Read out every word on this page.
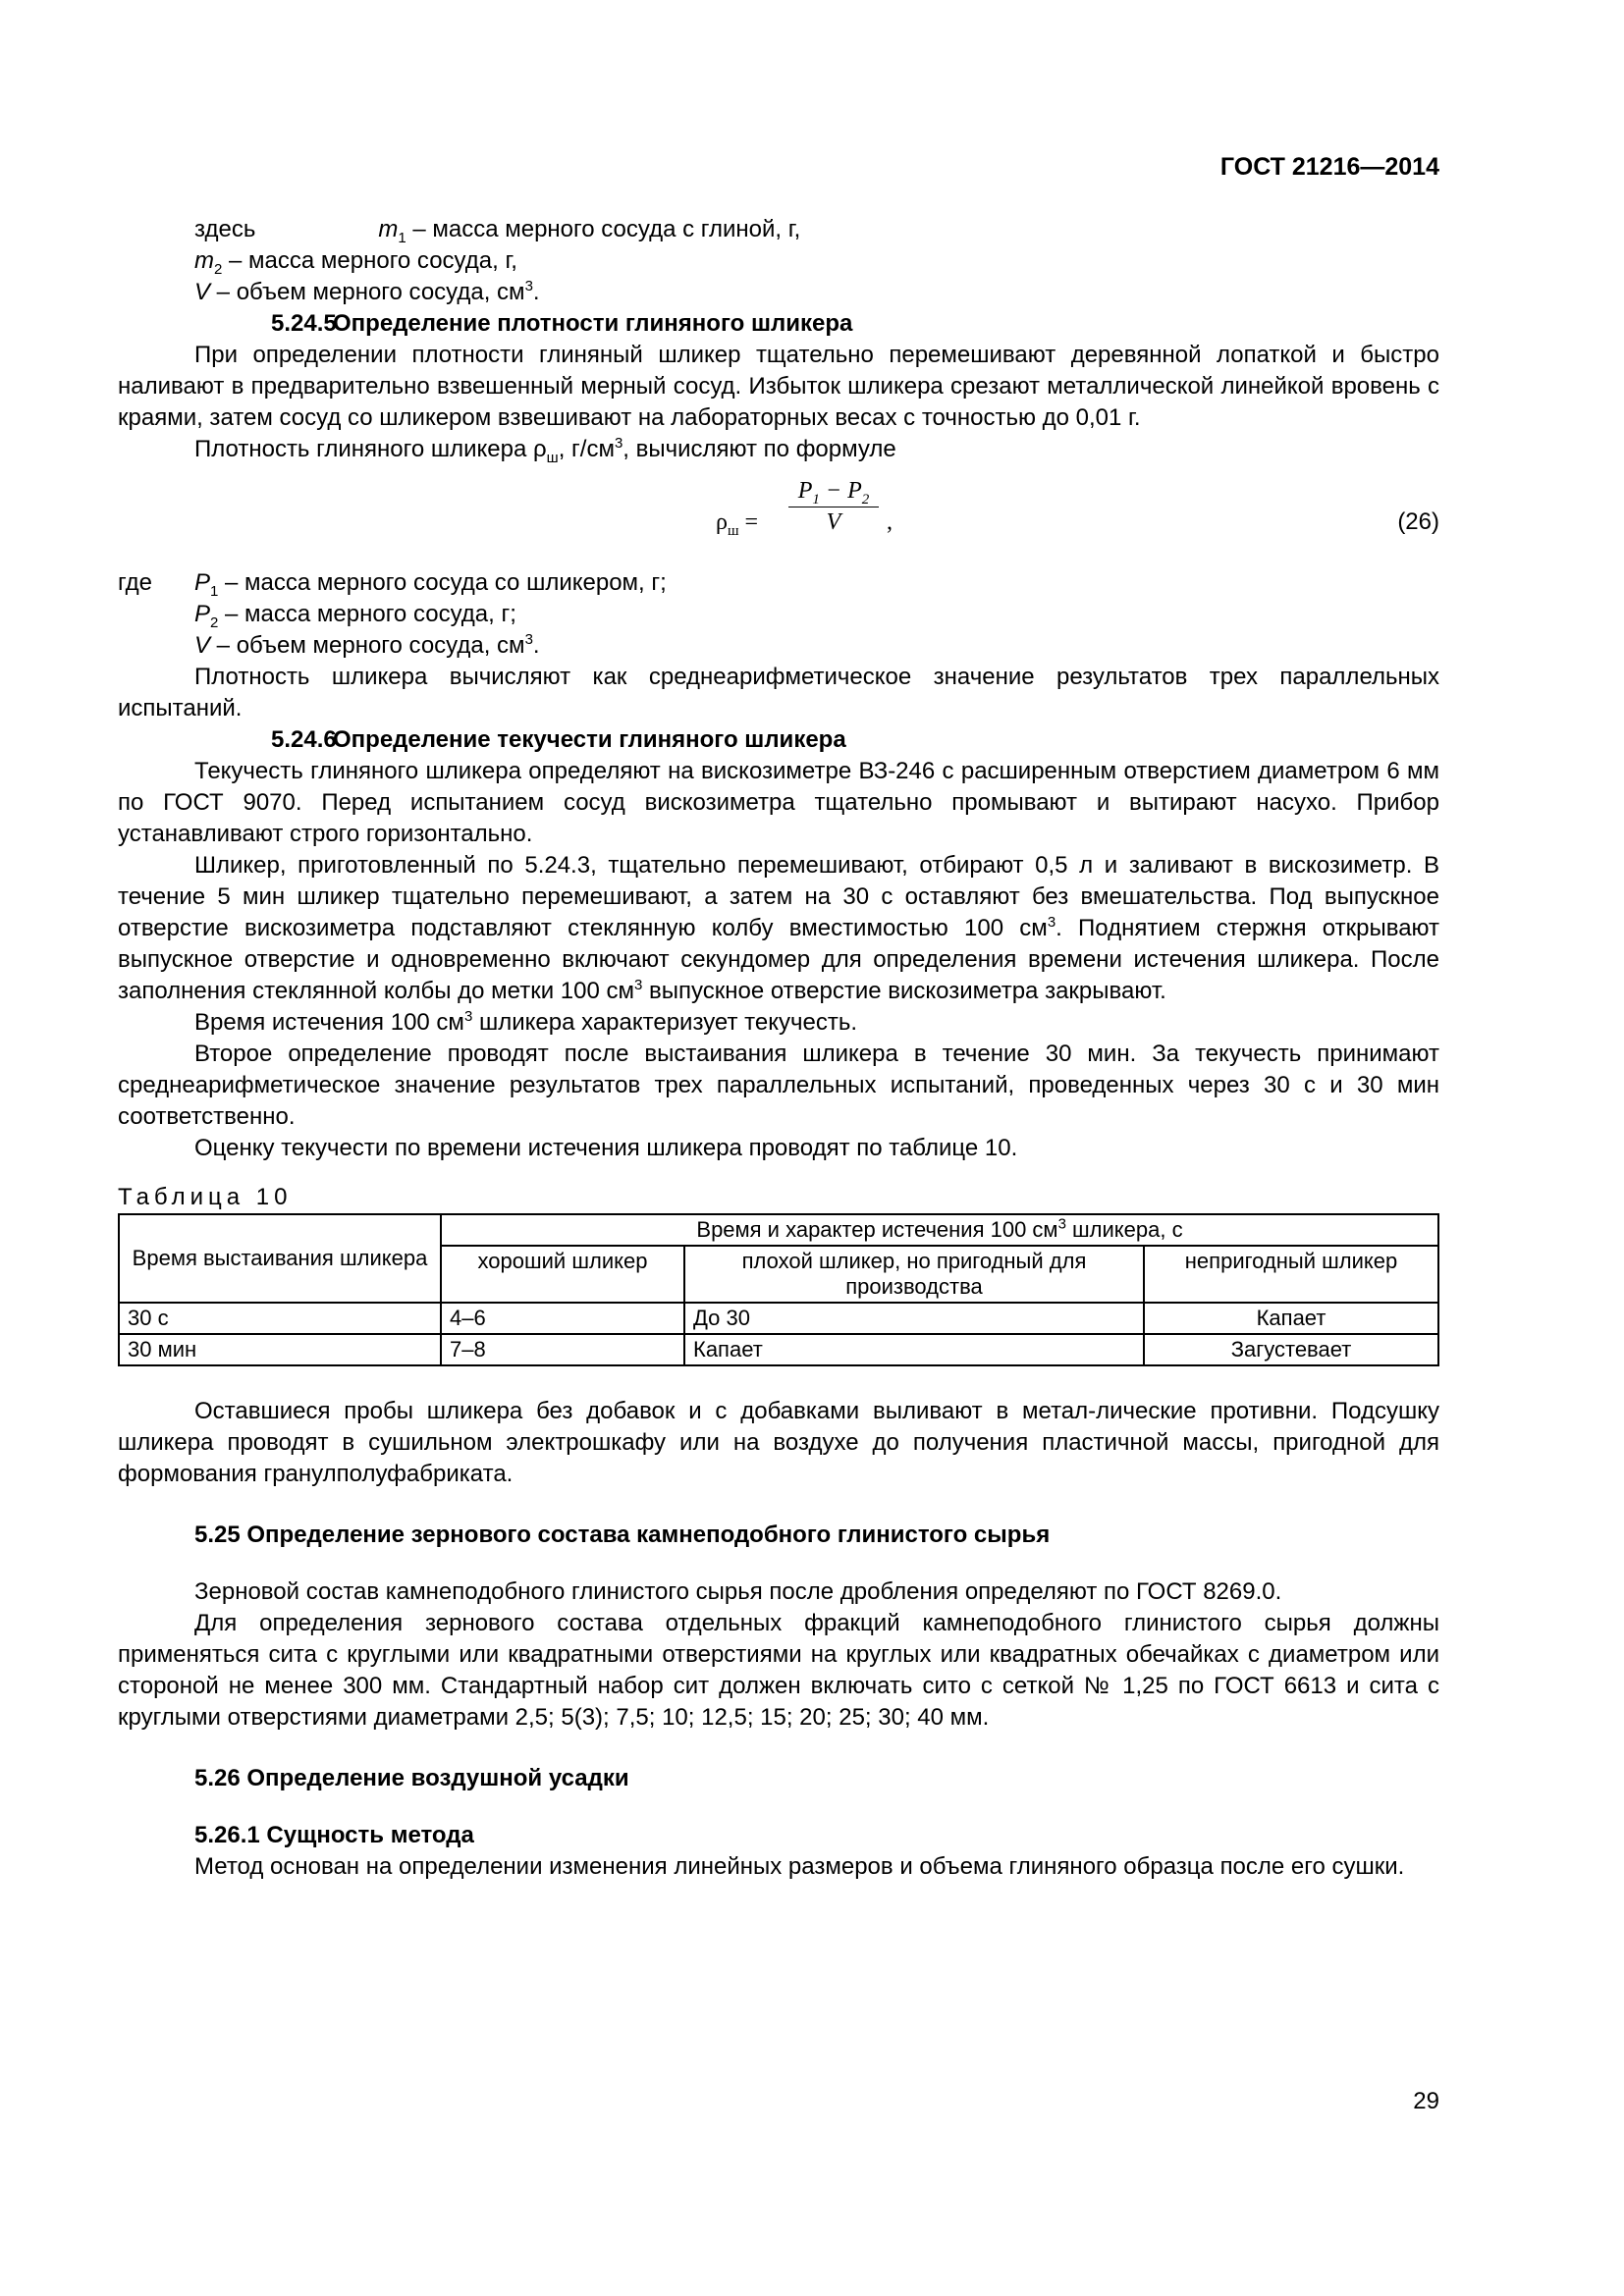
ГОСТ 21216—2014

здесь	$m_1$ – масса мерного сосуда с глиной, г,

$m_2$ – масса мерного сосуда, г,

V – объем мерного сосуда, $см^3$.

5.24.5Определение плотности глиняного шликера

При определении плотности глиняный шликер тщательно перемешивают деревянной лопаткой и быстро наливают в предварительно взвешенный мерный сосуд. Избыток шликера срезают металлической линейкой вровень с краями, затем сосуд со шликером взвешивают на лабораторных весах с точностью до 0,01 г.

Плотность глиняного шликера $\rho_ш$, $г/см^3$, вычисляют по формуле

$\rho_ш = \frac{P_1 - P_2}{V}$ ,	(26)

где $P_1$ – масса мерного сосуда со шликером, г;

$P_2$ – масса мерного сосуда, г;

V – объем мерного сосуда, $см^3$.

Плотность шликера вычисляют как среднеарифметическое значение результатов трех параллельных испытаний.

5.24.6Определение текучести глиняного шликера

Текучесть глиняного шликера определяют на вискозиметре ВЗ-246 с расширенным отверстием диаметром 6 мм по ГОСТ 9070. Перед испытанием сосуд вискозиметра тщательно промывают и вытирают насухо. Прибор устанавливают строго горизонтально.

Шликер, приготовленный по 5.24.3, тщательно перемешивают, отбирают 0,5 л и заливают в вискозиметр. В течение 5 мин шликер тщательно перемешивают, а затем на 30 с оставляют без вмешательства. Под выпускное отверстие вискозиметра подставляют стеклянную колбу вместимостью 100 $см^3$. Поднятием стержня открывают выпускное отверстие и одновременно включают секундомер для определения времени истечения шликера. После заполнения стеклянной колбы до метки 100 $см^3$ выпускное отверстие вискозиметра закрывают.

Время истечения 100 $см^3$ шликера характеризует текучесть.

Второе определение проводят после выстаивания шликера в течение 30 мин. За текучесть принимают среднеарифметическое значение результатов трех параллельных испытаний, проведенных через 30 с и 30 мин соответственно.

Оценку текучести по времени истечения шликера проводят по таблице 10.

Таблица 10

Время выстаивания шликера	Время и характер истечения 100 $см^3$ шликера, с		
	хороший шликер	плохой шликер, но пригодный для производства	непригодный шликер
30 с	4–6	До 30	Капает
30 мин	7–8	Капает	Загустевает

Оставшиеся пробы шликера без добавок и с добавками выливают в метал-лические противни. Подсушку шликера проводят в сушильном электрошкафу или на воздухе до получения пластичной массы, пригодной для формования гранулполуфабриката.

5.25 Определение зернового состава камнеподобного глинистого сырья

Зерновой состав камнеподобного глинистого сырья после дробления определяют по ГОСТ 8269.0.

Для определения зернового состава отдельных фракций камнеподобного глинистого сырья должны применяться сита с круглыми или квадратными отверстиями на круглых или квадратных обечайках с диаметром или стороной не менее 300 мм. Стандартный набор сит должен включать сито с сеткой № 1,25 по ГОСТ 6613 и сита с круглыми отверстиями диаметрами 2,5; 5(3); 7,5; 10; 12,5; 15; 20; 25; 30; 40 мм.

5.26 Определение воздушной усадки

5.26.1 Сущность метода

Метод основан на определении изменения линейных размеров и объема глиняного образца после его сушки.

29
